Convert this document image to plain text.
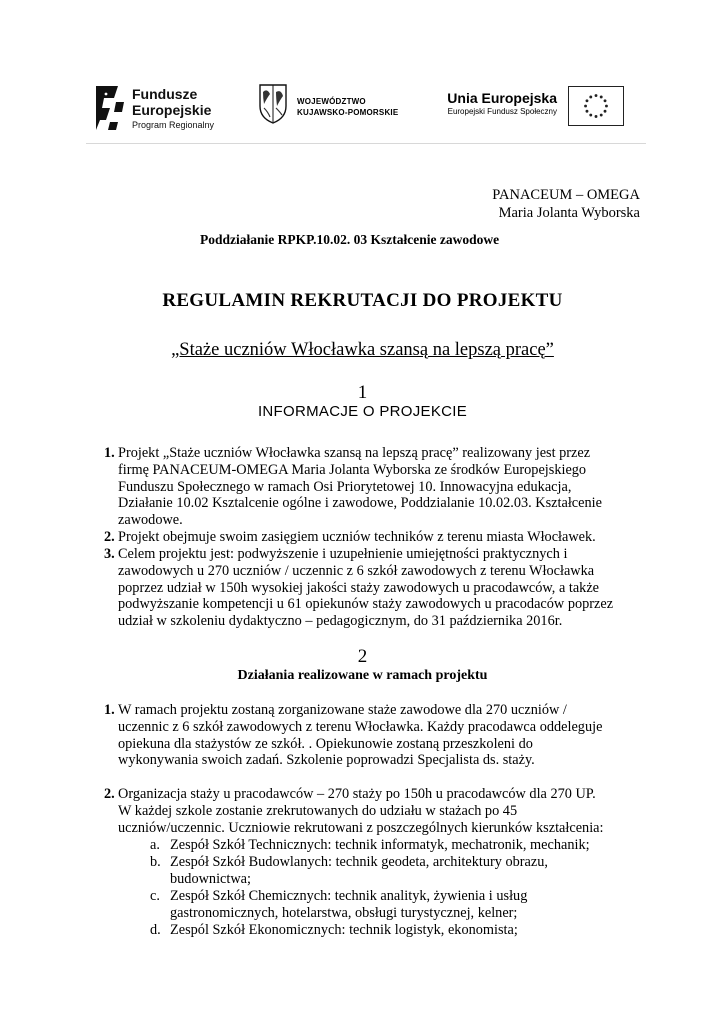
Fundusze
Europejskie
Program Regionalny
WOJEWÓDZTWO
KUJAWSKO-POMORSKIE
Unia Europejska
Europejski Fundusz Społeczny
PANACEUM – OMEGA
Maria Jolanta Wyborska
Poddziałanie RPKP.10.02. 03 Kształcenie zawodowe
REGULAMIN REKRUTACJI DO PROJEKTU
„Staże uczniów Włocławka szansą na lepszą pracę”
1
INFORMACJE O PROJEKCIE
1. Projekt „Staże uczniów Włocławka szansą na lepszą pracę” realizowany jest przez
firmę PANACEUM-OMEGA Maria Jolanta Wyborska ze środków Europejskiego
Funduszu Społecznego w ramach Osi Priorytetowej 10. Innowacyjna edukacja,
Działanie 10.02 Ksztalcenie ogólne i zawodowe, Poddzialanie 10.02.03. Kształcenie
zawodowe.
2. Projekt obejmuje swoim zasięgiem uczniów techników z terenu miasta Włocławek.
3. Celem projektu jest: podwyższenie i uzupełnienie umiejętności praktycznych i
zawodowych u 270 uczniów / uczennic z 6 szkół zawodowych z terenu Włocławka
poprzez udział w 150h wysokiej jakości staży zawodowych u pracodawców, a także
podwyższanie kompetencji u 61 opiekunów staży zawodowych u pracodaców poprzez
udział w szkoleniu dydaktyczno – pedagogicznym, do 31 października 2016r.
2
Działania realizowane w ramach projektu
1. W ramach projektu zostaną zorganizowane staże zawodowe dla 270 uczniów /
uczennic z 6 szkół zawodowych z terenu Włocławka. Każdy pracodawca oddeleguje
opiekuna dla stażystów ze szkół. . Opiekunowie zostaną przeszkoleni do
wykonywania swoich zadań. Szkolenie poprowadzi Specjalista ds. staży.
2. Organizacja staży u pracodawców – 270 staży po 150h u pracodawców dla 270 UP.
W każdej szkole zostanie zrekrutowanych do udziału w stażach po 45
uczniów/uczennic. Uczniowie rekrutowani z poszczególnych kierunków kształcenia:
a. Zespół Szkół Technicznych: technik informatyk, mechatronik, mechanik;
b. Zespół Szkół Budowlanych: technik geodeta, architektury obrazu,
budownictwa;
c. Zespół Szkół Chemicznych: technik analityk, żywienia i usług
gastronomicznych, hotelarstwa, obsługi turystycznej, kelner;
d. Zespól Szkół Ekonomicznych: technik logistyk, ekonomista;
